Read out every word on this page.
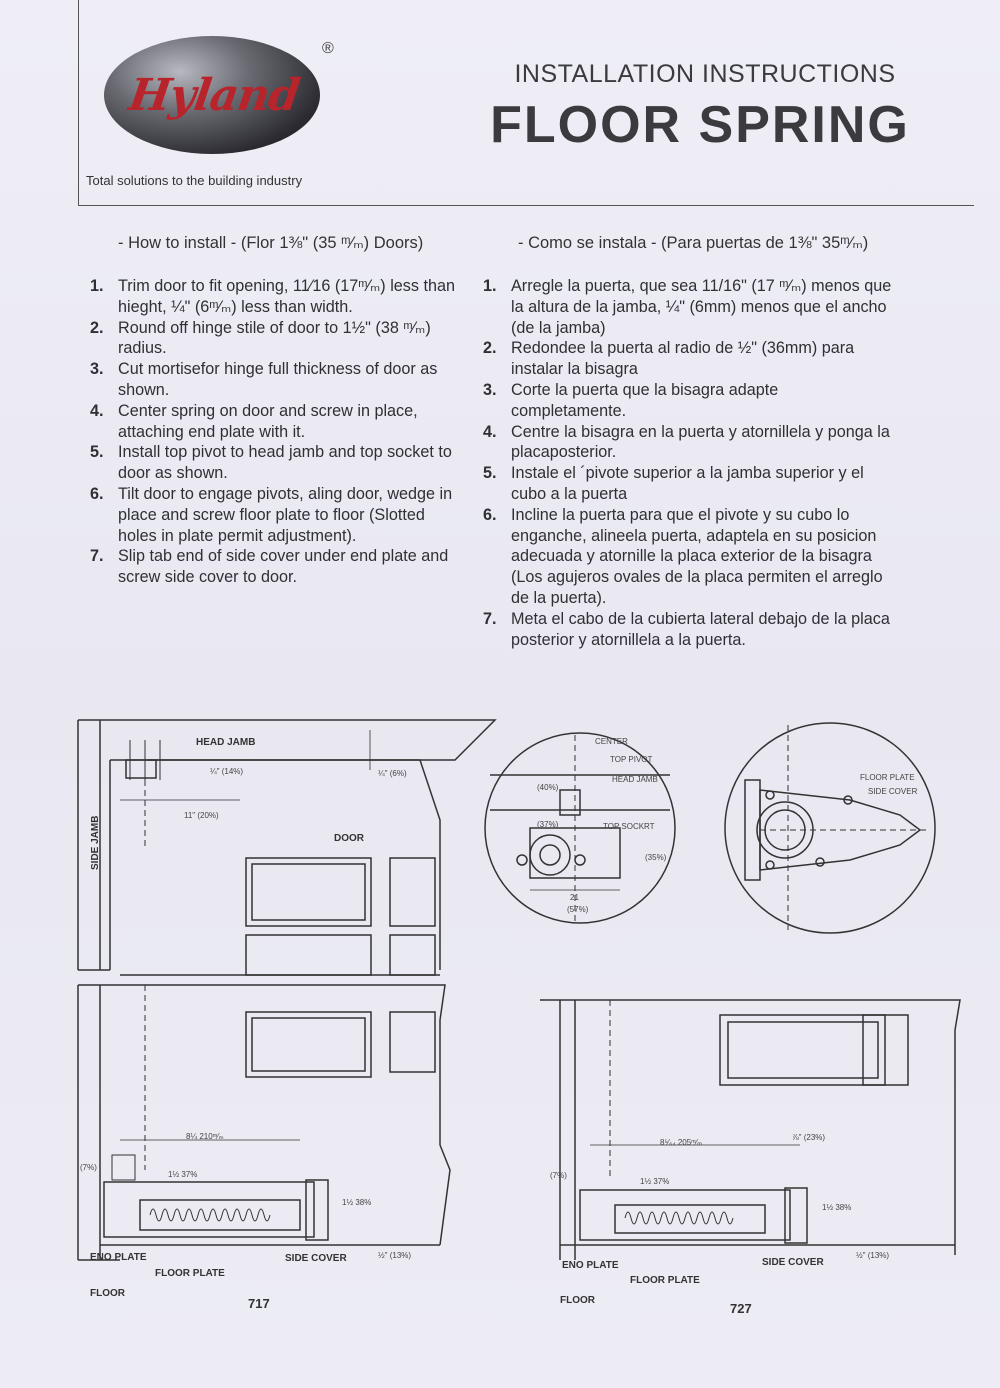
Hyland
®
Total solutions to the building industry
INSTALLATION INSTRUCTIONS
FLOOR SPRING
- How to install - (Flor 1⅜" (35 ᵐ⁄ₘ) Doors)	- Como se instala - (Para puertas de 1⅜" 35ᵐ⁄ₘ)
1. Trim door to fit opening, 11⁄16 (17ᵐ⁄ₘ) less than hieght, ¼" (6ᵐ⁄ₘ) less than width.
2. Round off hinge stile of door to 1½" (38 ᵐ⁄ₘ) radius.
3. Cut mortisefor hinge full thickness of door as shown.
4. Center spring on door and screw in place, attaching end plate with it.
5. Install top pivot to head jamb and top socket to door as shown.
6. Tilt door to engage pivots, aling door, wedge in place and screw floor plate to floor (Slotted holes in plate permit adjustment).
7. Slip tab end of side cover under end plate and screw side cover to door.
1. Arregle la puerta, que sea 11/16" (17 ᵐ⁄ₘ) menos que la altura de la jamba, ¼" (6mm) menos que el ancho (de la jamba)
2. Redondee la puerta al radio de ½" (36mm) para instalar la bisagra
3. Corte la puerta que la bisagra adapte completamente.
4. Centre la bisagra en la puerta y atornillela y ponga la placaposterior.
5. Instale el ´pivote superior a la jamba superior y el cubo a la puerta
6. Incline la puerta para que el pivote y su cubo lo enganche, alineela puerta, adaptela en su posicion adecuada y atornille la placa exterior de la bisagra (Los agujeros ovales de la placa permiten el arreglo de la puerta).
7. Meta el cabo de la cubierta lateral debajo de la placa posterior y atornillela a la puerta.
HEAD JAMB
SIDE JAMB	DOOR
¼" (14%)	¼" (6%)
11" (20%)
CENTER
TOP PIVOT
HEAD JAMB
TOP SOCKRT
(40%)
(37%)
21
(57%)
(35%)
FLOOR PLATE
SIDE COVER
8¼ 210ᵐ⁄ₘ
1½ 37%
1½ 38%
½" (13%)
(7%)
ENO PLATE
FLOOR PLATE
SIDE COVER
FLOOR
717
8⁵⁄₆₄ 205ᵐ⁄ₘ
⅞" (23%)
1½ 37%
1½ 38%
½" (13%)
(7%)
ENO PLATE
FLOOR PLATE
SIDE COVER
FLOOR
727
